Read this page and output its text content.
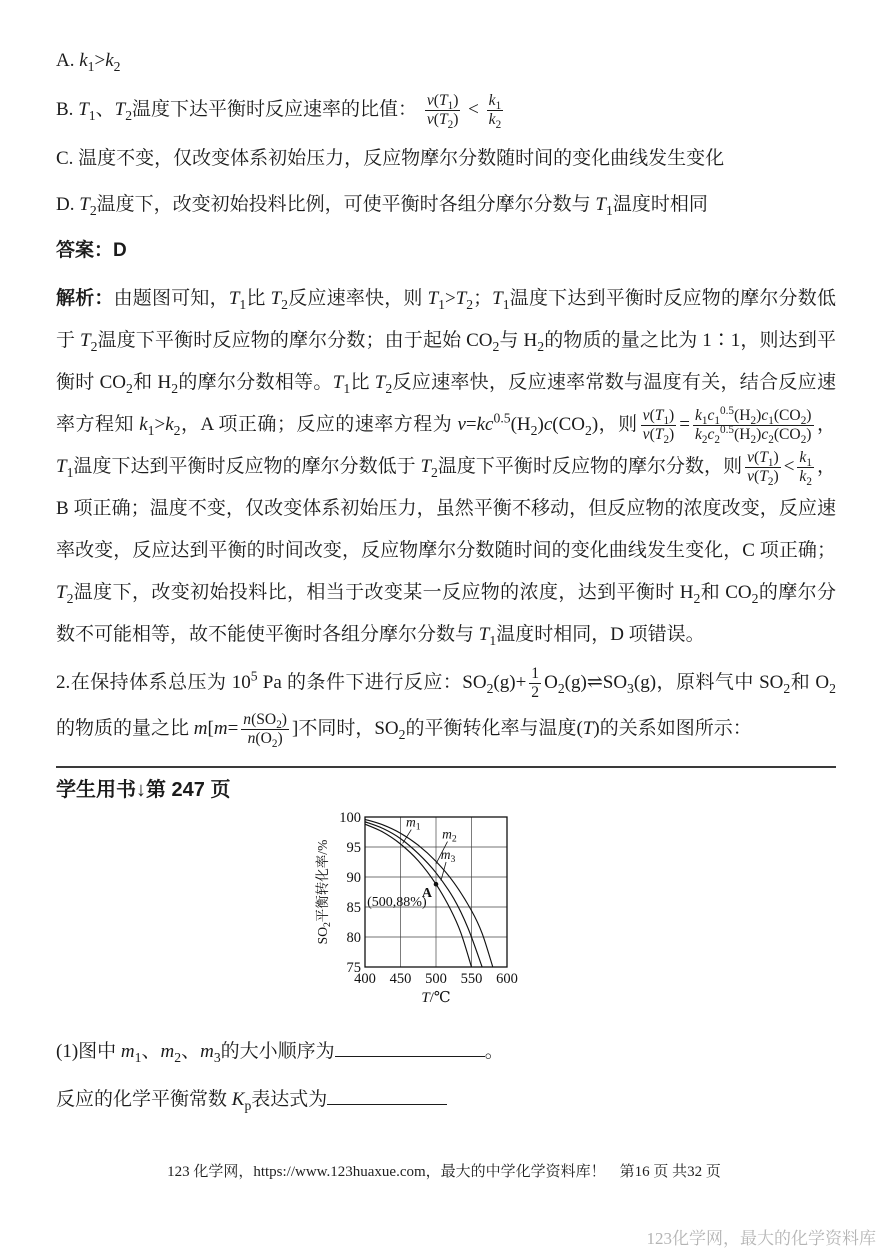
A. $k_1>k_2$
B. $T_1$、$T_2$温度下达平衡时反应速率的比值： $\frac{v(T_1)}{v(T_2)} < \frac{k_1}{k_2}$
C. 温度不变，仅改变体系初始压力，反应物摩尔分数随时间的变化曲线发生变化
D. $T_2$温度下，改变初始投料比例，可使平衡时各组分摩尔分数与 $T_1$温度时相同
答案：D
解析：由题图可知，$T_1$比 $T_2$反应速率快，则 $T_1>T_2$；$T_1$温度下达到平衡时反应物的摩尔分数低于 $T_2$温度下平衡时反应物的摩尔分数；由于起始 $CO_2$与 $H_2$的物质的量之比为 1∶1，则达到平衡时 $CO_2$和 $H_2$的摩尔分数相等。$T_1$比 $T_2$反应速率快，反应速率常数与温度有关，结合反应速率方程知 $k_1>k_2$，A 项正确；反应的速率方程为 $v=kc^{0.5}(H_2)c(CO_2)$，则 $\frac{v(T_1)}{v(T_2)} = \frac{k_1c_1^{0.5}(H_2)c_1(CO_2)}{k_2c_2^{0.5}(H_2)c_2(CO_2)}$ ，$T_1$温度下达到平衡时反应物的摩尔分数低于 $T_2$温度下平衡时反应物的摩尔分数，则 $\frac{v(T_1)}{v(T_2)} < \frac{k_1}{k_2}$ ，B 项正确；温度不变，仅改变体系初始压力，虽然平衡不移动，但反应物的浓度改变，反应速率改变，反应达到平衡的时间改变，反应物摩尔分数随时间的变化曲线发生变化，C 项正确；$T_2$温度下，改变初始投料比，相当于改变某一反应物的浓度，达到平衡时 $H_2$和 $CO_2$的摩尔分数不可能相等，故不能使平衡时各组分摩尔分数与 $T_1$温度时相同，D 项错误。
2.在保持体系总压为 $10^5$ Pa 的条件下进行反应：$SO_2(g)+ \frac{1}{2}$ $O_2(g)\rightleftharpoons SO_3(g)$，原料气中 $SO_2$和 $O_2$的物质的量之比 $m[m= \frac{n(SO_2)}{n(O_2)}$ ]不同时，$SO_2$的平衡转化率与温度(T)的关系如图所示：
学生用书↓第 247 页
400 450 500 550 600
75
80
85
90
95
100
T/℃
$SO_2$平衡转化率/%
$m_1$ $m_2$
$m_3$
A
(500,88%)
(1)图中 $m_1$、$m_2$、$m_3$的大小顺序为	。
反应的化学平衡常数 $K_p$表达式为
123 化学网，https://www.123huaxue.com，最大的中学化学资料库！ 第16 页 共32 页
123化学网，最大的化学资料库
